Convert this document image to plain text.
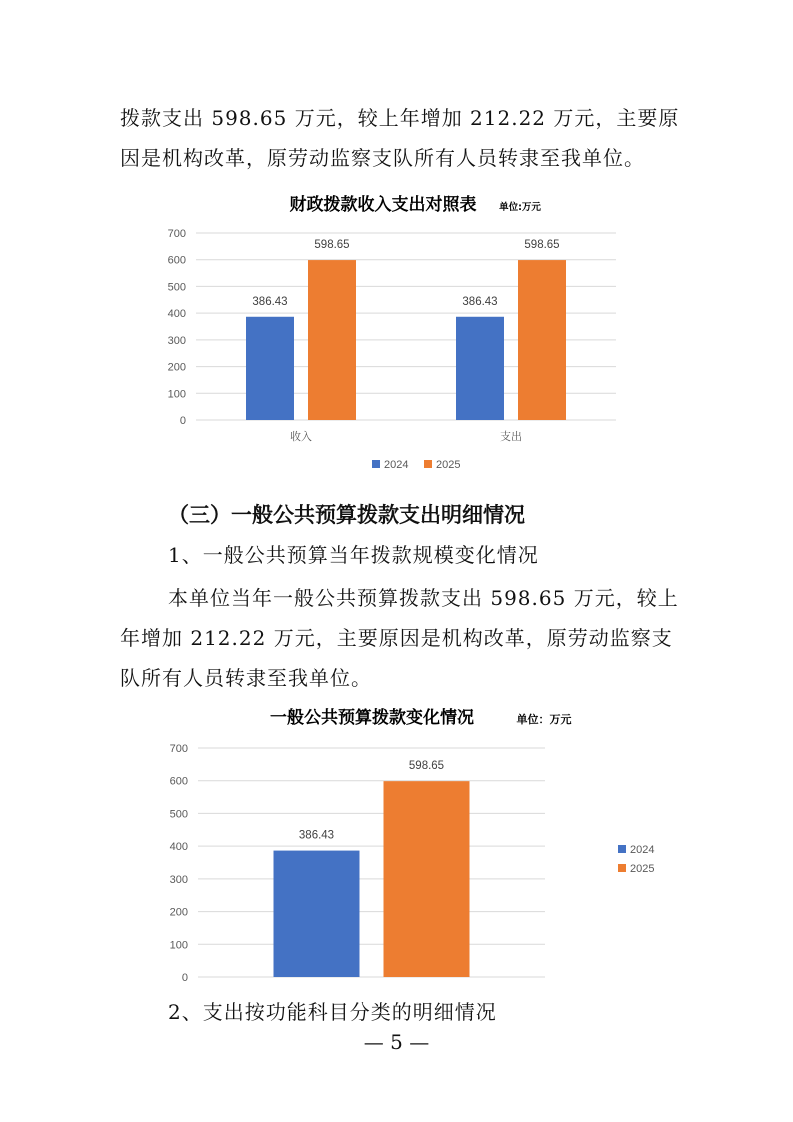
拨款支出 598.65 万元，较上年增加 212.22 万元，主要原因是机构改革，原劳动监察支队所有人员转隶至我单位。

财政拨款收入支出对照表 单位:万元
0
100
200
300
400
500
600
700
386.43
598.65
收入
386.43
598.65
支出
2024	2025

（三）一般公共预算拨款支出明细情况

1、一般公共预算当年拨款规模变化情况

本单位当年一般公共预算拨款支出 598.65 万元，较上年增加 212.22 万元，主要原因是机构改革，原劳动监察支队所有人员转隶至我单位。

一般公共预算拨款变化情况	单位：万元
0
100
200
300
400
500
600
700
386.43
598.65
2024
2025

2、支出按功能科目分类的明细情况

— 5 —
